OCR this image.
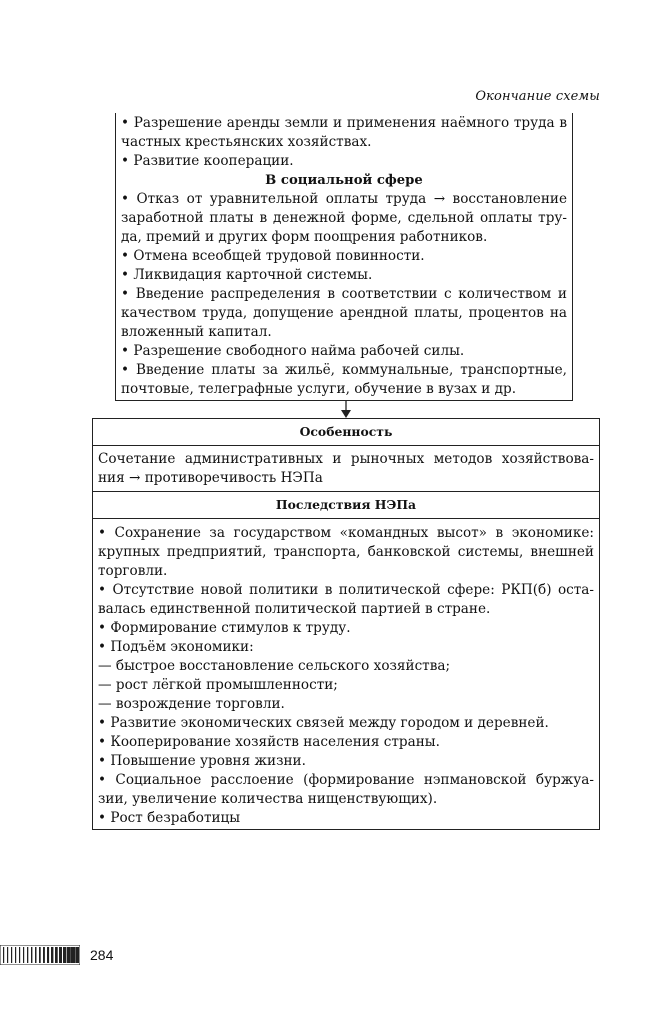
Окончание схемы
• Разрешение аренды земли и применения наёмного труда в
частных крестьянских хозяйствах.
• Развитие кооперации.
В социальной сфере
• Отказ от уравнительной оплаты труда → восстановление
заработной платы в денежной форме, сдельной оплаты тру-
да, премий и других форм поощрения работников.
• Отмена всеобщей трудовой повинности.
• Ликвидация карточной системы.
• Введение распределения в соответствии с количеством и
качеством труда, допущение арендной платы, процентов на
вложенный капитал.
• Разрешение свободного найма рабочей силы.
• Введение платы за жильё, коммунальные, транспортные,
почтовые, телеграфные услуги, обучение в вузах и др.
Особенность
Сочетание административных и рыночных методов хозяйствова-
ния → противоречивость НЭПа
Последствия НЭПа
• Сохранение за государством «командных высот» в экономике:
крупных предприятий, транспорта, банковской системы, внешней
торговли.
• Отсутствие новой политики в политической сфере: РКП(б) оста-
валась единственной политической партией в стране.
• Формирование стимулов к труду.
• Подъём экономики:
— быстрое восстановление сельского хозяйства;
— рост лёгкой промышленности;
— возрождение торговли.
• Развитие экономических связей между городом и деревней.
• Кооперирование хозяйств населения страны.
• Повышение уровня жизни.
• Социальное расслоение (формирование нэпмановской буржуа-
зии, увеличение количества нищенствующих).
• Рост безработицы
284
